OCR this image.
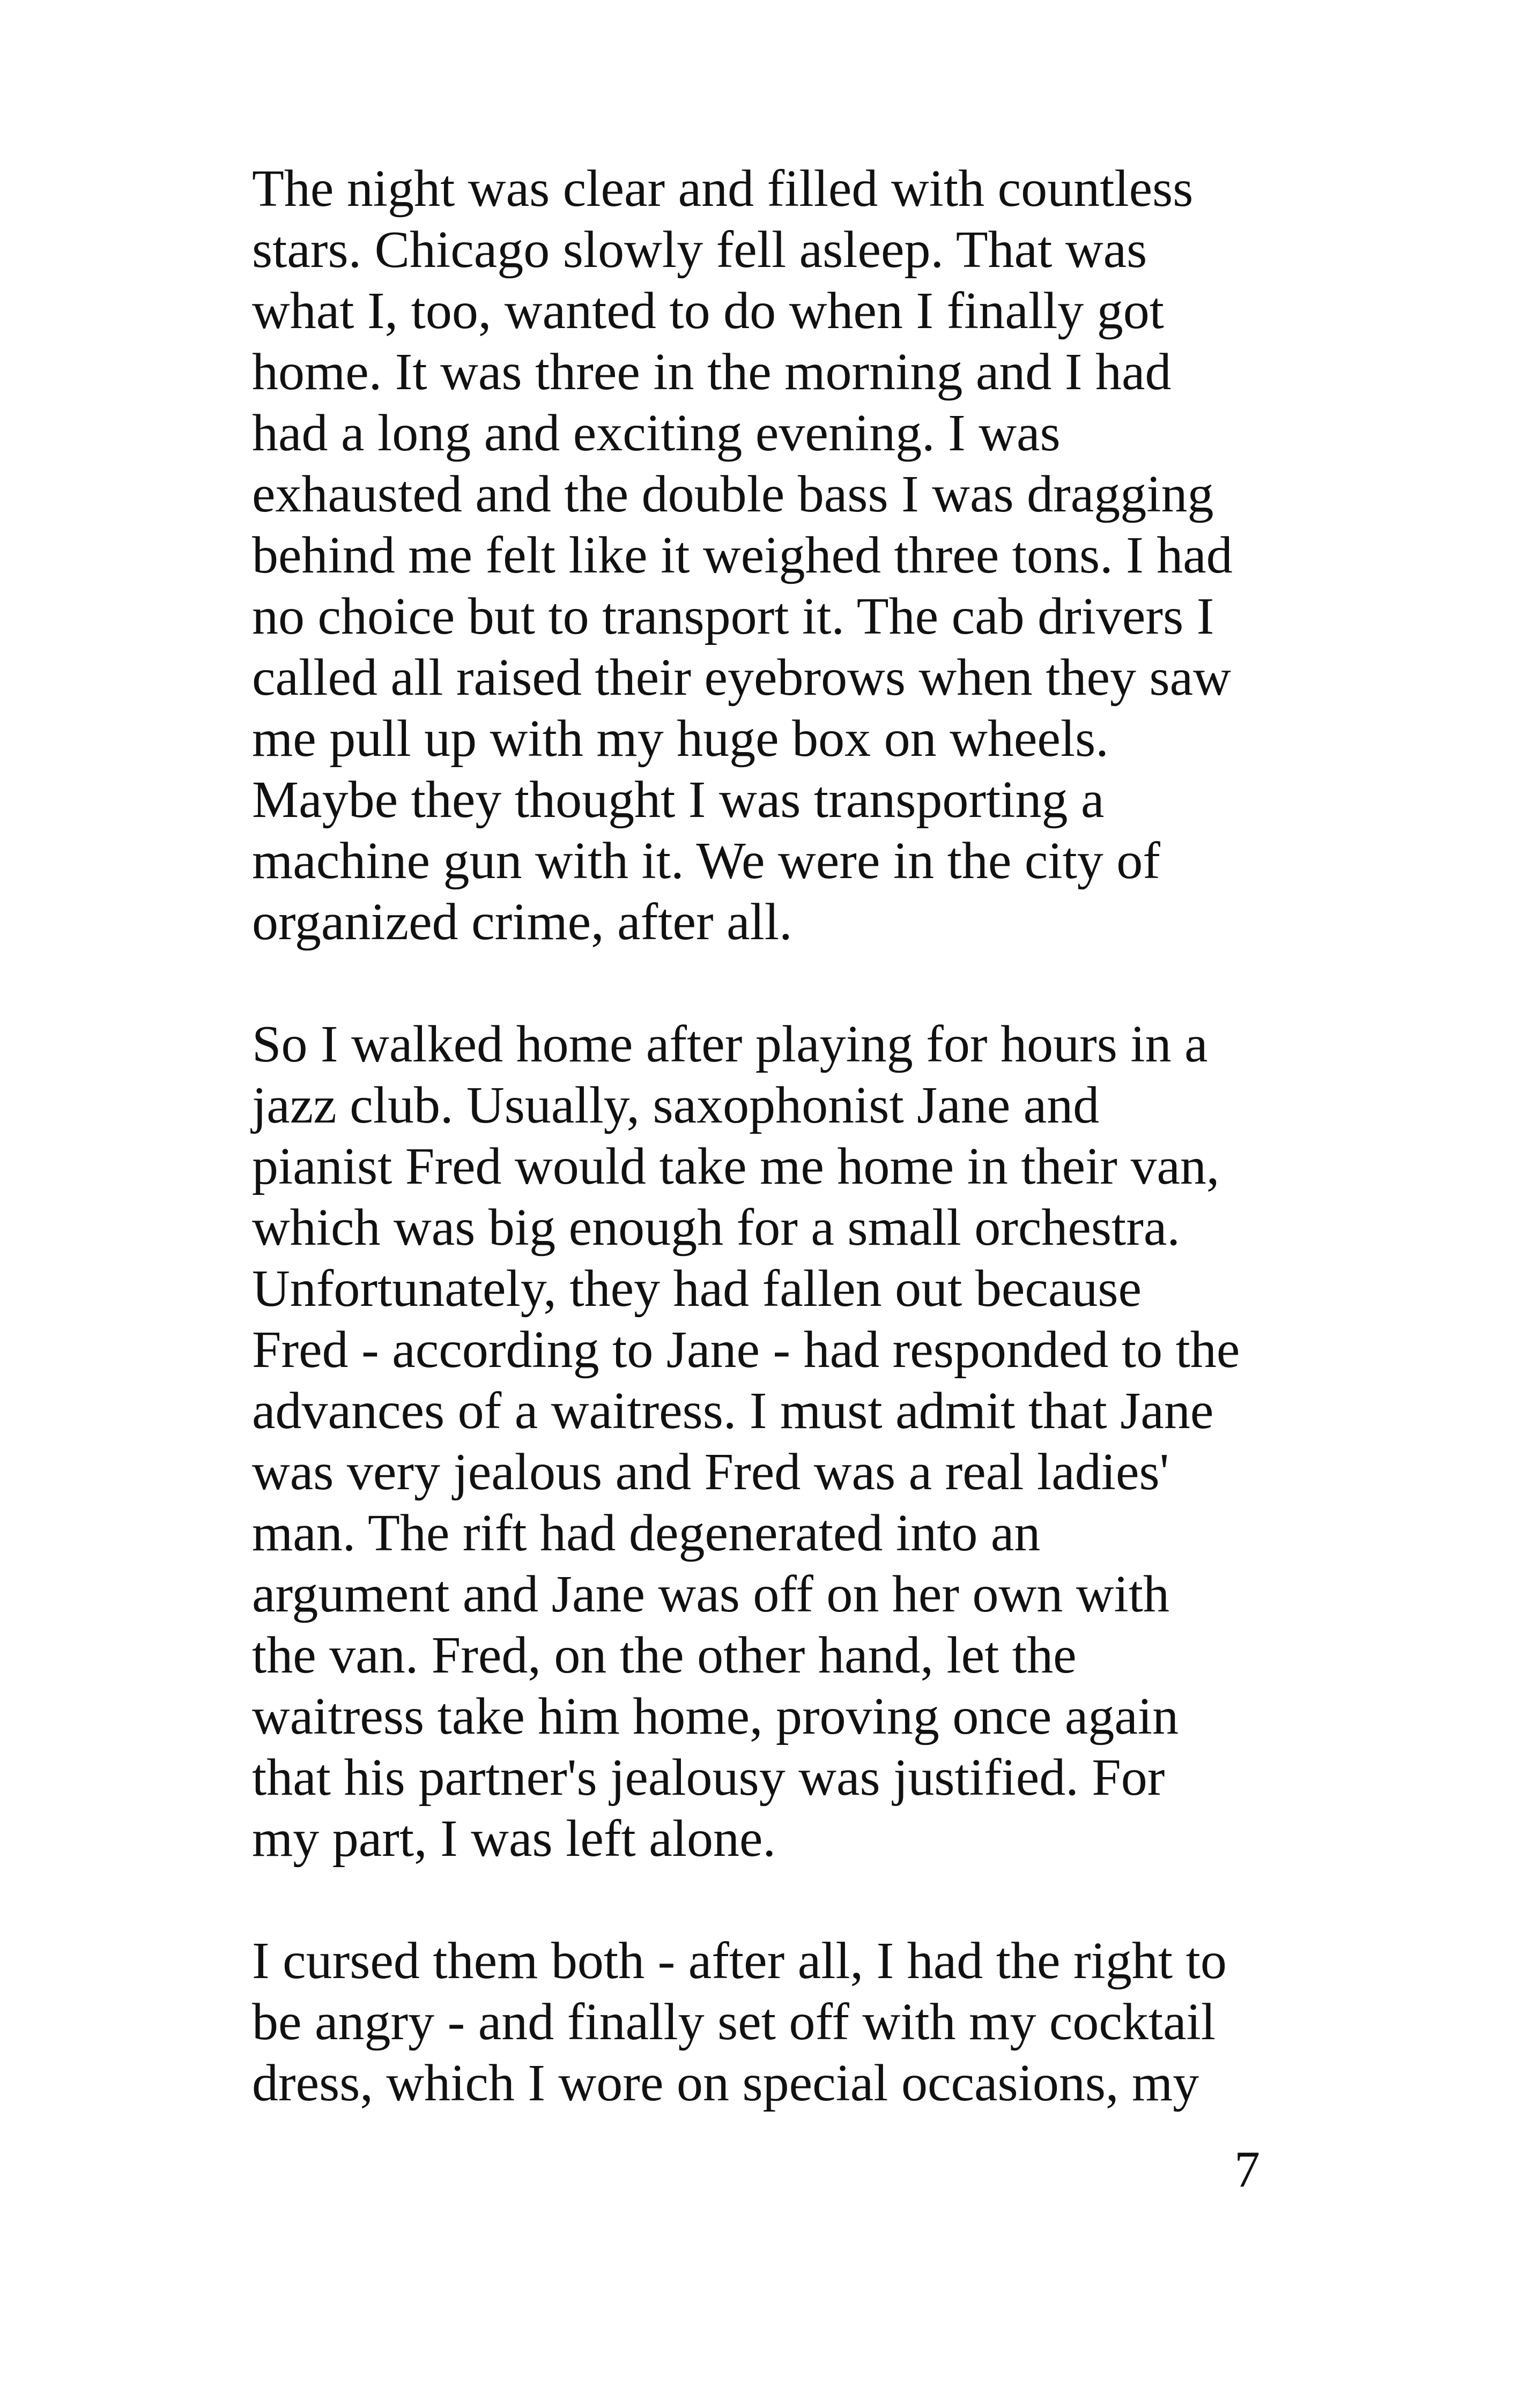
The night was clear and filled with countless
stars. Chicago slowly fell asleep. That was
what I, too, wanted to do when I finally got
home. It was three in the morning and I had
had a long and exciting evening. I was
exhausted and the double bass I was dragging
behind me felt like it weighed three tons. I had
no choice but to transport it. The cab drivers I
called all raised their eyebrows when they saw
me pull up with my huge box on wheels.
Maybe they thought I was transporting a
machine gun with it. We were in the city of
organized crime, after all.

So I walked home after playing for hours in a
jazz club. Usually, saxophonist Jane and
pianist Fred would take me home in their van,
which was big enough for a small orchestra.
Unfortunately, they had fallen out because
Fred - according to Jane - had responded to the
advances of a waitress. I must admit that Jane
was very jealous and Fred was a real ladies'
man. The rift had degenerated into an
argument and Jane was off on her own with
the van. Fred, on the other hand, let the
waitress take him home, proving once again
that his partner's jealousy was justified. For
my part, I was left alone.

I cursed them both - after all, I had the right to
be angry - and finally set off with my cocktail
dress, which I wore on special occasions, my

7
